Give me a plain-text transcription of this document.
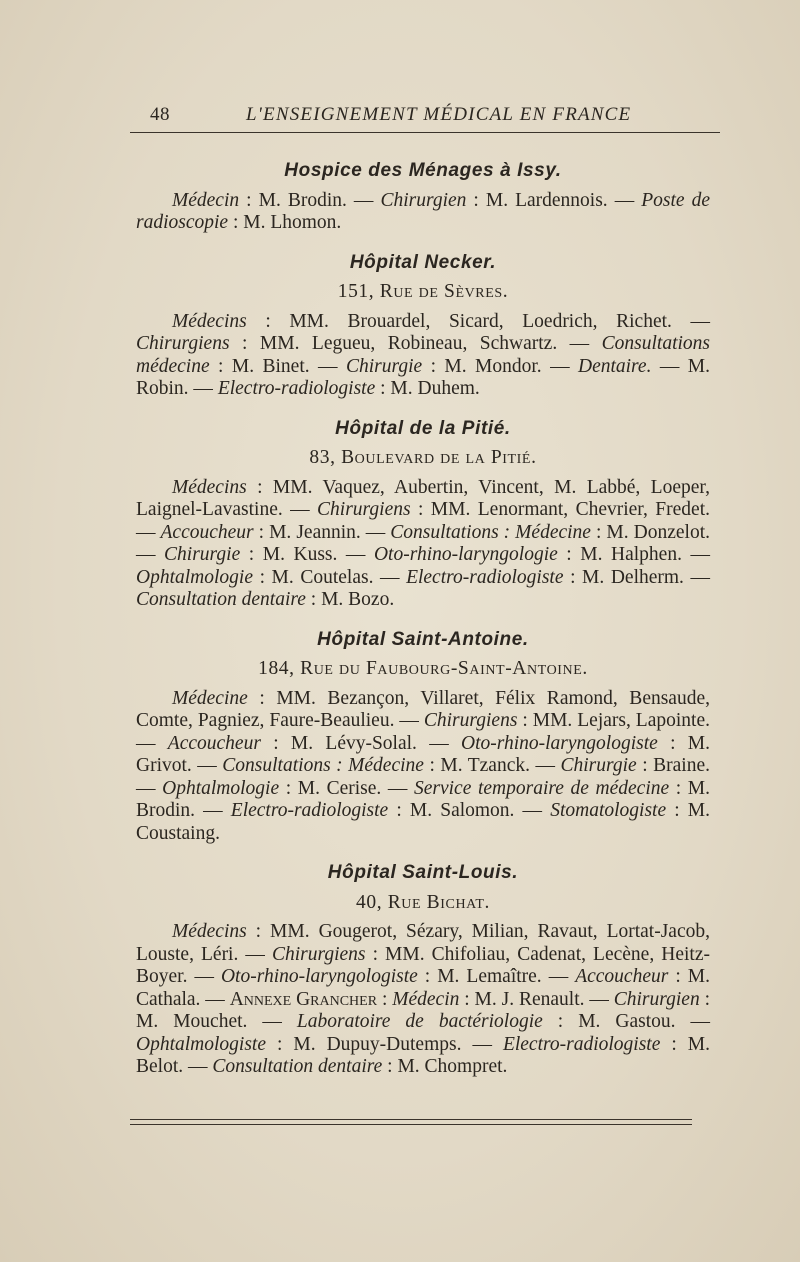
48	L'ENSEIGNEMENT MÉDICAL EN FRANCE
Hospice des Ménages à Issy.

Médecin : M. Brodin. — Chirurgien : M. Lardennois. — Poste de radioscopie : M. Lhomon.

Hôpital Necker.
151, Rue de Sèvres.

Médecins : MM. Brouardel, Sicard, Loedrich, Richet. — Chirurgiens : MM. Legueu, Robineau, Schwartz. — Consultations médecine : M. Binet. — Chirurgie : M. Mondor. — Dentaire. — M. Robin. — Electro-radiologiste : M. Duhem.

Hôpital de la Pitié.
83, Boulevard de la Pitié.

Médecins : MM. Vaquez, Aubertin, Vincent, M. Labbé, Loeper, Laignel-Lavastine. — Chirurgiens : MM. Lenormant, Chevrier, Fredet. — Accoucheur : M. Jeannin. — Consultations : Médecine : M. Donzelot. — Chirurgie : M. Kuss. — Oto-rhino-laryngologie : M. Halphen. — Ophtalmologie : M. Coutelas. — Electro-radiologiste : M. Delherm. — Consultation dentaire : M. Bozo.

Hôpital Saint-Antoine.
184, Rue du Faubourg-Saint-Antoine.

Médecine : MM. Bezançon, Villaret, Félix Ramond, Bensaude, Comte, Pagniez, Faure-Beaulieu. — Chirurgiens : MM. Lejars, Lapointe. — Accoucheur : M. Lévy-Solal. — Oto-rhino-laryngologiste : M. Grivot. — Consultations : Médecine : M. Tzanck. — Chirurgie : Braine. — Ophtalmologie : M. Cerise. — Service temporaire de médecine : M. Brodin. — Electro-radiologiste : M. Salomon. — Stomatologiste : M. Coustaing.

Hôpital Saint-Louis.
40, Rue Bichat.

Médecins : MM. Gougerot, Sézary, Milian, Ravaut, Lortat-Jacob, Louste, Léri. — Chirurgiens : MM. Chifoliau, Cadenat, Lecène, Heitz-Boyer. — Oto-rhino-laryngologiste : M. Lemaître. — Accoucheur : M. Cathala. — Annexe Grancher : Médecin : M. J. Renault. — Chirurgien : M. Mouchet. — Laboratoire de bactériologie : M. Gastou. — Ophtalmologiste : M. Dupuy-Dutemps. — Electro-radiologiste : M. Belot. — Consultation dentaire : M. Chompret.
